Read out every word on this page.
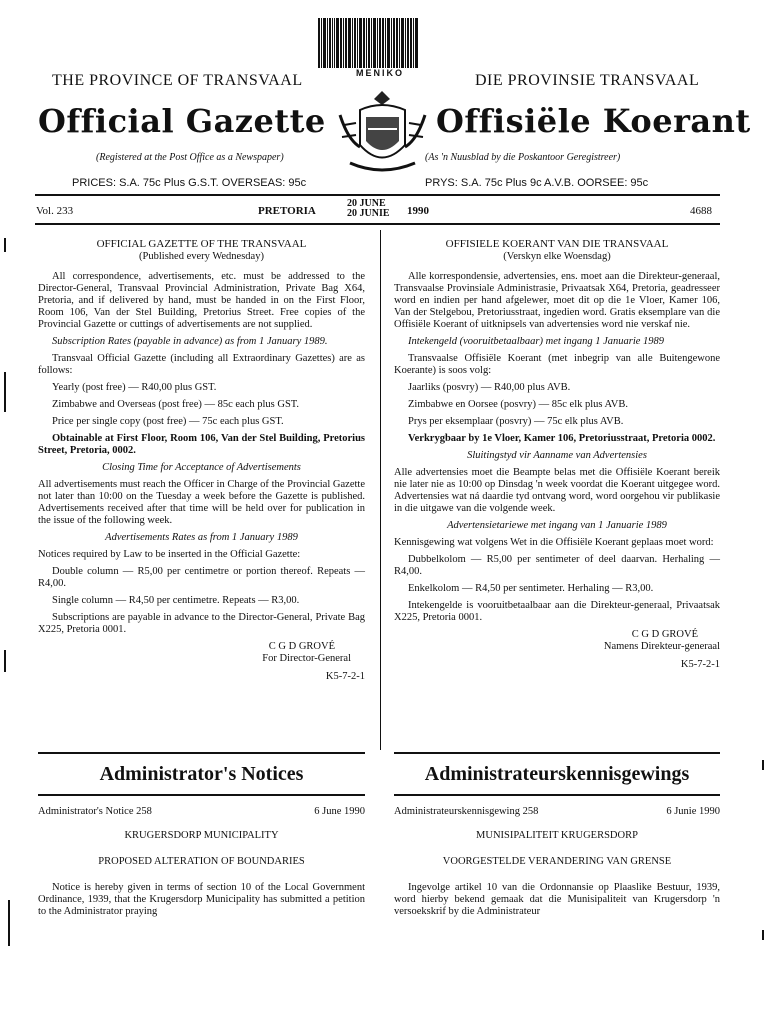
MENIKO
THE PROVINCE OF TRANSVAAL	DIE PROVINSIE TRANSVAAL
Official Gazette	Offisiële Koerant
(Registered at the Post Office as a Newspaper)	(As 'n Nuusblad by die Poskantoor Geregistreer)
PRICES: S.A. 75c Plus G.S.T. OVERSEAS: 95c	PRYS: S.A. 75c Plus 9c A.V.B. OORSEE: 95c
Vol. 233	PRETORIA
20 JUNE
20 JUNIE 1990	4688
OFFICIAL GAZETTE OF THE TRANSVAAL
(Published every Wednesday)

All correspondence, advertisements, etc. must be addressed to the Director-General, Transvaal Provincial Administration, Private Bag X64, Pretoria, and if delivered by hand, must be handed in on the First Floor, Room 106, Van der Stel Building, Pretorius Street. Free copies of the Provincial Gazette or cuttings of advertisements are not supplied.

Subscription Rates (payable in advance) as from 1 January 1989.

Transvaal Official Gazette (including all Extraordinary Gazettes) are as follows:

Yearly (post free) — R40,00 plus GST.

Zimbabwe and Overseas (post free) — 85c each plus GST.

Price per single copy (post free) — 75c each plus GST.

Obtainable at First Floor, Room 106, Van der Stel Building, Pretorius Street, Pretoria, 0002.

Closing Time for Acceptance of Advertisements

All advertisements must reach the Officer in Charge of the Provincial Gazette not later than 10:00 on the Tuesday a week before the Gazette is published. Advertisements received after that time will be held over for publication in the issue of the following week.

Advertisements Rates as from 1 January 1989

Notices required by Law to be inserted in the Official Gazette:

Double column — R5,00 per centimetre or portion thereof. Repeats — R4,00.

Single column — R4,50 per centimetre. Repeats — R3,00.

Subscriptions are payable in advance to the Director-General, Private Bag X225, Pretoria 0001.

C G D GROVÉ
For Director-General
K5-7-2-1
OFFISIELE KOERANT VAN DIE TRANSVAAL
(Verskyn elke Woensdag)

Alle korrespondensie, advertensies, ens. moet aan die Direkteur-generaal, Transvaalse Provinsiale Administrasie, Privaatsak X64, Pretoria, geadresseer word en indien per hand afgelewer, moet dit op die 1e Vloer, Kamer 106, Van der Stelgebou, Pretoriusstraat, ingedien word. Gratis eksemplare van die Offisiële Koerant of uitknipsels van advertensies word nie verskaf nie.

Intekengeld (vooruitbetaalbaar) met ingang 1 Januarie 1989

Transvaalse Offisiële Koerant (met inbegrip van alle Buitengewone Koerante) is soos volg:

Jaarliks (posvry) — R40,00 plus AVB.

Zimbabwe en Oorsee (posvry) — 85c elk plus AVB.

Prys per eksemplaar (posvry) — 75c elk plus AVB.

Verkrygbaar by 1e Vloer, Kamer 106, Pretoriusstraat, Pretoria 0002.

Sluitingstyd vir Aanname van Advertensies

Alle advertensies moet die Beampte belas met die Offisiële Koerant bereik nie later nie as 10:00 op Dinsdag 'n week voordat die Koerant uitgegee word. Advertensies wat ná daardie tyd ontvang word, word oorgehou vir publikasie in die uitgawe van die volgende week.

Advertensietariewe met ingang van 1 Januarie 1989

Kennisgewing wat volgens Wet in die Offisiële Koerant geplaas moet word:

Dubbelkolom — R5,00 per sentimeter of deel daarvan. Herhaling — R4,00.

Enkelkolom — R4,50 per sentimeter. Herhaling — R3,00.

Intekengelde is vooruitbetaalbaar aan die Direkteur-generaal, Privaatsak X225, Pretoria 0001.

C G D GROVÉ
Namens Direkteur-generaal
K5-7-2-1
Administrator's Notices	Administrateurskennisgewings
Administrator's Notice 258	6 June 1990
KRUGERSDORP MUNICIPALITY
PROPOSED ALTERATION OF BOUNDARIES

Notice is hereby given in terms of section 10 of the Local Government Ordinance, 1939, that the Krugersdorp Municipality has submitted a petition to the Administrator praying

Administrateurskennisgewing 258	6 Junie 1990
MUNISIPALITEIT KRUGERSDORP
VOORGESTELDE VERANDERING VAN GRENSE

Ingevolge artikel 10 van die Ordonnansie op Plaaslike Bestuur, 1939, word hierby bekend gemaak dat die Munisipaliteit van Krugersdorp 'n versoekskrif by die Administrateur
